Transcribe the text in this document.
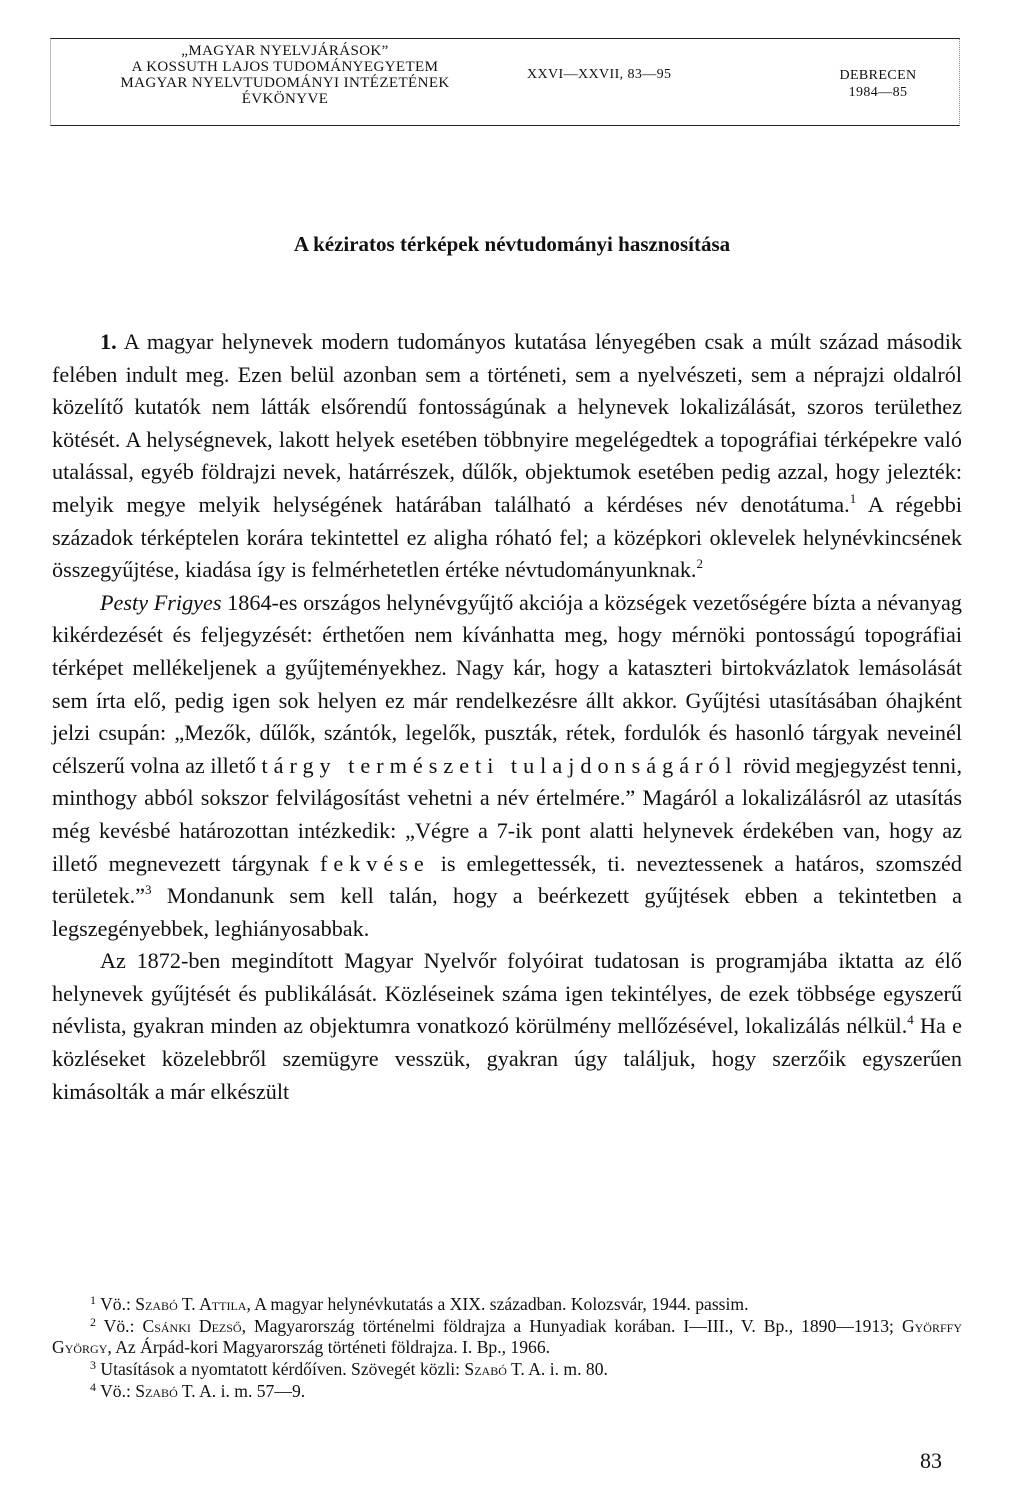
„MAGYAR NYELVJÁRÁSOK”
A KOSSUTH LAJOS TUDOMÁNYEGYETEM
MAGYAR NYELVTUDOMÁNYI INTÉZETÉNEK
ÉVKÖNYVE
XXVI—XXVII, 83—95	DEBRECEN
1984—85
A kéziratos térképek névtudományi hasznosítása

1. A magyar helynevek modern tudományos kutatása lényegében csak a múlt század második felében indult meg. Ezen belül azonban sem a történeti, sem a nyelvészeti, sem a néprajzi oldalról közelítő kutatók nem látták elsőrendű fontosságúnak a helynevek lokalizálását, szoros területhez kötését. A helységnevek, lakott helyek esetében többnyire megelégedtek a topográfiai térképekre való utalással, egyéb földrajzi nevek, határrészek, dűlők, objektumok esetében pedig azzal, hogy jelezték: melyik megye melyik helységének határában található a kérdéses név denotátuma.$^1$ A régebbi századok térképtelen korára tekintettel ez aligha róható fel; a középkori oklevelek helynévkincsének összegyűjtése, kiadása így is felmérhetetlen értéke névtudományunknak.$^2$

Pesty Frigyes 1864-es országos helynévgyűjtő akciója a községek vezetőségére bízta a névanyag kikérdezését és feljegyzését: érthetően nem kívánhatta meg, hogy mérnöki pontosságú topográfiai térképet mellékeljenek a gyűjteményekhez. Nagy kár, hogy a kataszteri birtokvázlatok lemásolását sem írta elő, pedig igen sok helyen ez már rendelkezésre állt akkor. Gyűjtési utasításában óhajként jelzi csupán: „Mezők, dűlők, szántók, legelők, puszták, rétek, fordulók és hasonló tárgyak neveinél célszerű volna az illető tárgy természeti tulajdonságáról rövid megjegyzést tenni, minthogy abból sokszor felvilágosítást vehetni a név értelmére.” Magáról a lokalizálásról az utasítás még kevésbé határozottan intézkedik: „Végre a 7-ik pont alatti helynevek érdekében van, hogy az illető megnevezett tárgynak fekvése is emlegettessék, ti. neveztessenek a határos, szomszéd területek.”$^3$ Mondanunk sem kell talán, hogy a beérkezett gyűjtések ebben a tekintetben a legszegényebbek, leghiányosabbak.

Az 1872-ben megindított Magyar Nyelvőr folyóirat tudatosan is programjába iktatta az élő helynevek gyűjtését és publikálását. Közléseinek száma igen tekintélyes, de ezek többsége egyszerű névlista, gyakran minden az objektumra vonatkozó körülmény mellőzésével, lokalizálás nélkül.$^4$ Ha e közléseket közelebbről szemügyre vesszük, gyakran úgy találjuk, hogy szerzőik egyszerűen kimásolták a már elkészült

$^1$ Vö.: Szabó T. Attila, A magyar helynévkutatás a XIX. században. Kolozsvár, 1944. passim.

$^2$ Vö.: Csánki Dezső, Magyarország történelmi földrajza a Hunyadiak korában. I—III., V. Bp., 1890—1913; Györffy György, Az Árpád-kori Magyarország történeti földrajza. I. Bp., 1966.

$^3$ Utasítások a nyomtatott kérdőíven. Szövegét közli: Szabó T. A. i. m. 80.

$^4$ Vö.: Szabó T. A. i. m. 57—9.

83
